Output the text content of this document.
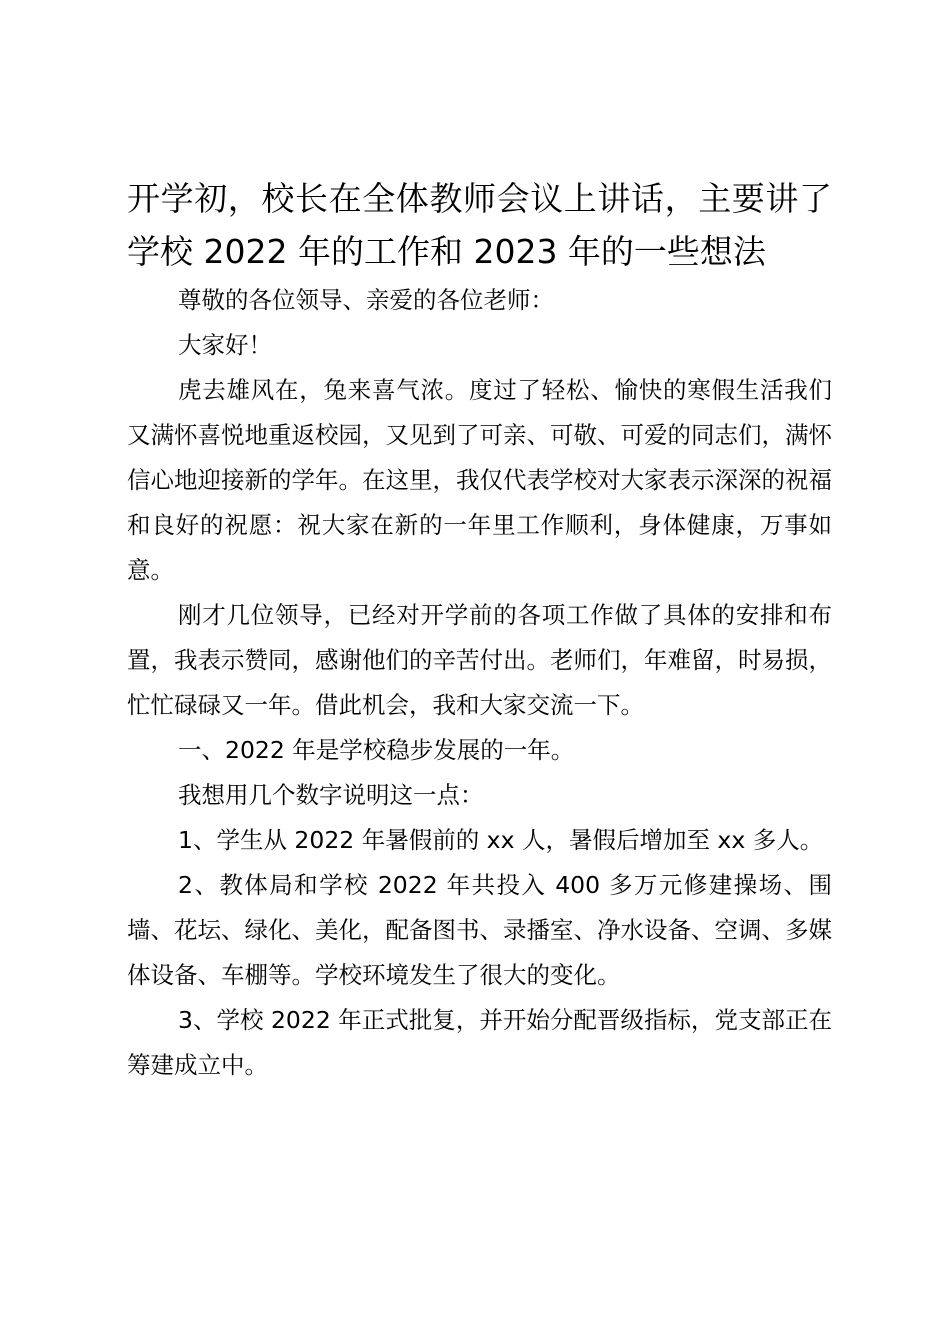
开学初，校长在全体教师会议上讲话，主要讲了学校 2022 年的工作和 2023 年的一些想法

尊敬的各位领导、亲爱的各位老师：

大家好！

虎去雄风在，兔来喜气浓。度过了轻松、愉快的寒假生活我们又满怀喜悦地重返校园，又见到了可亲、可敬、可爱的同志们，满怀信心地迎接新的学年。在这里，我仅代表学校对大家表示深深的祝福和良好的祝愿：祝大家在新的一年里工作顺利，身体健康，万事如意。

刚才几位领导，已经对开学前的各项工作做了具体的安排和布置，我表示赞同，感谢他们的辛苦付出。老师们，年难留，时易损，忙忙碌碌又一年。借此机会，我和大家交流一下。

一、2022 年是学校稳步发展的一年。

我想用几个数字说明这一点：

1、学生从 2022 年暑假前的 xx 人，暑假后增加至 xx 多人。

2、教体局和学校 2022 年共投入 400 多万元修建操场、围墙、花坛、绿化、美化，配备图书、录播室、净水设备、空调、多媒体设备、车棚等。学校环境发生了很大的变化。

3、学校 2022 年正式批复，并开始分配晋级指标，党支部正在筹建成立中。
